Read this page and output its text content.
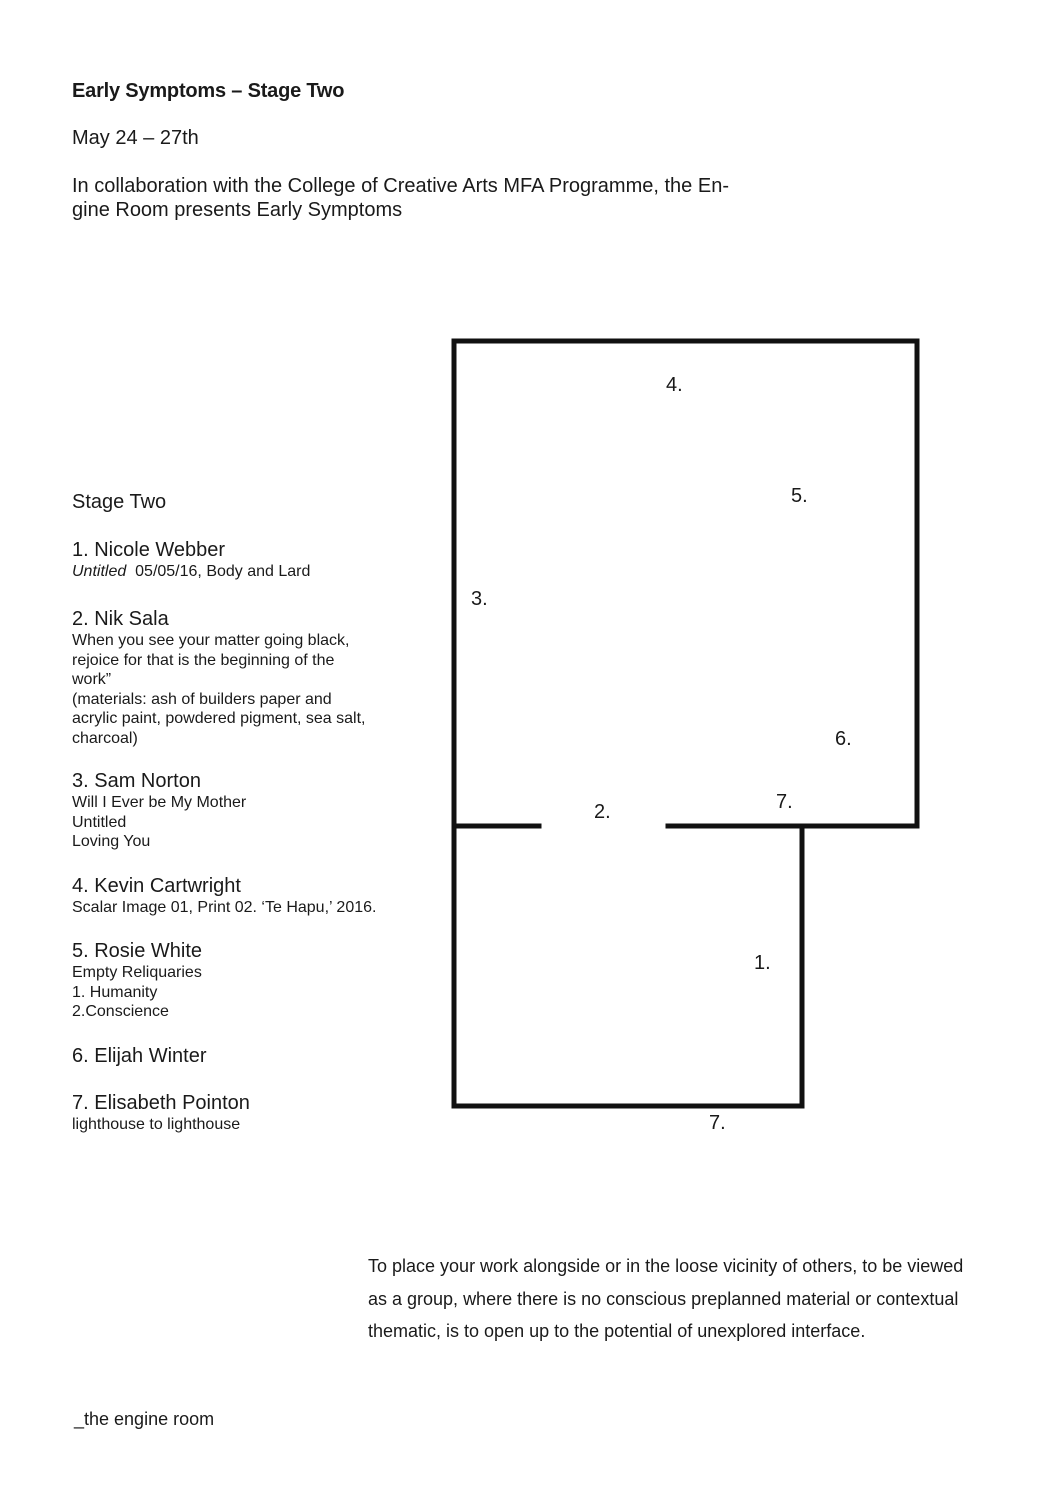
Early Symptoms – Stage Two
May 24 – 27th
In collaboration with the College of Creative Arts MFA Programme, the En-
gine Room presents Early Symptoms
Stage Two
1. Nicole Webber
Untitled 05/05/16, Body and Lard
2. Nik Sala
When you see your matter going black,
rejoice for that is the beginning of the
work”
(materials: ash of builders paper and
acrylic paint, powdered pigment, sea salt,
charcoal)
3. Sam Norton
Will I Ever be My Mother
Untitled
Loving You
4. Kevin Cartwright
Scalar Image 01, Print 02. ‘Te Hapu,’ 2016.
5. Rosie White
Empty Reliquaries
1. Humanity
2.Conscience
6. Elijah Winter
7. Elisabeth Pointon
lighthouse to lighthouse
4.
5.
3.
6.
7.
2.
1.
7.
To place your work alongside or in the loose vicinity of others, to be viewed
as a group, where there is no conscious preplanned material or contextual
thematic, is to open up to the potential of unexplored interface.
_the engine room
